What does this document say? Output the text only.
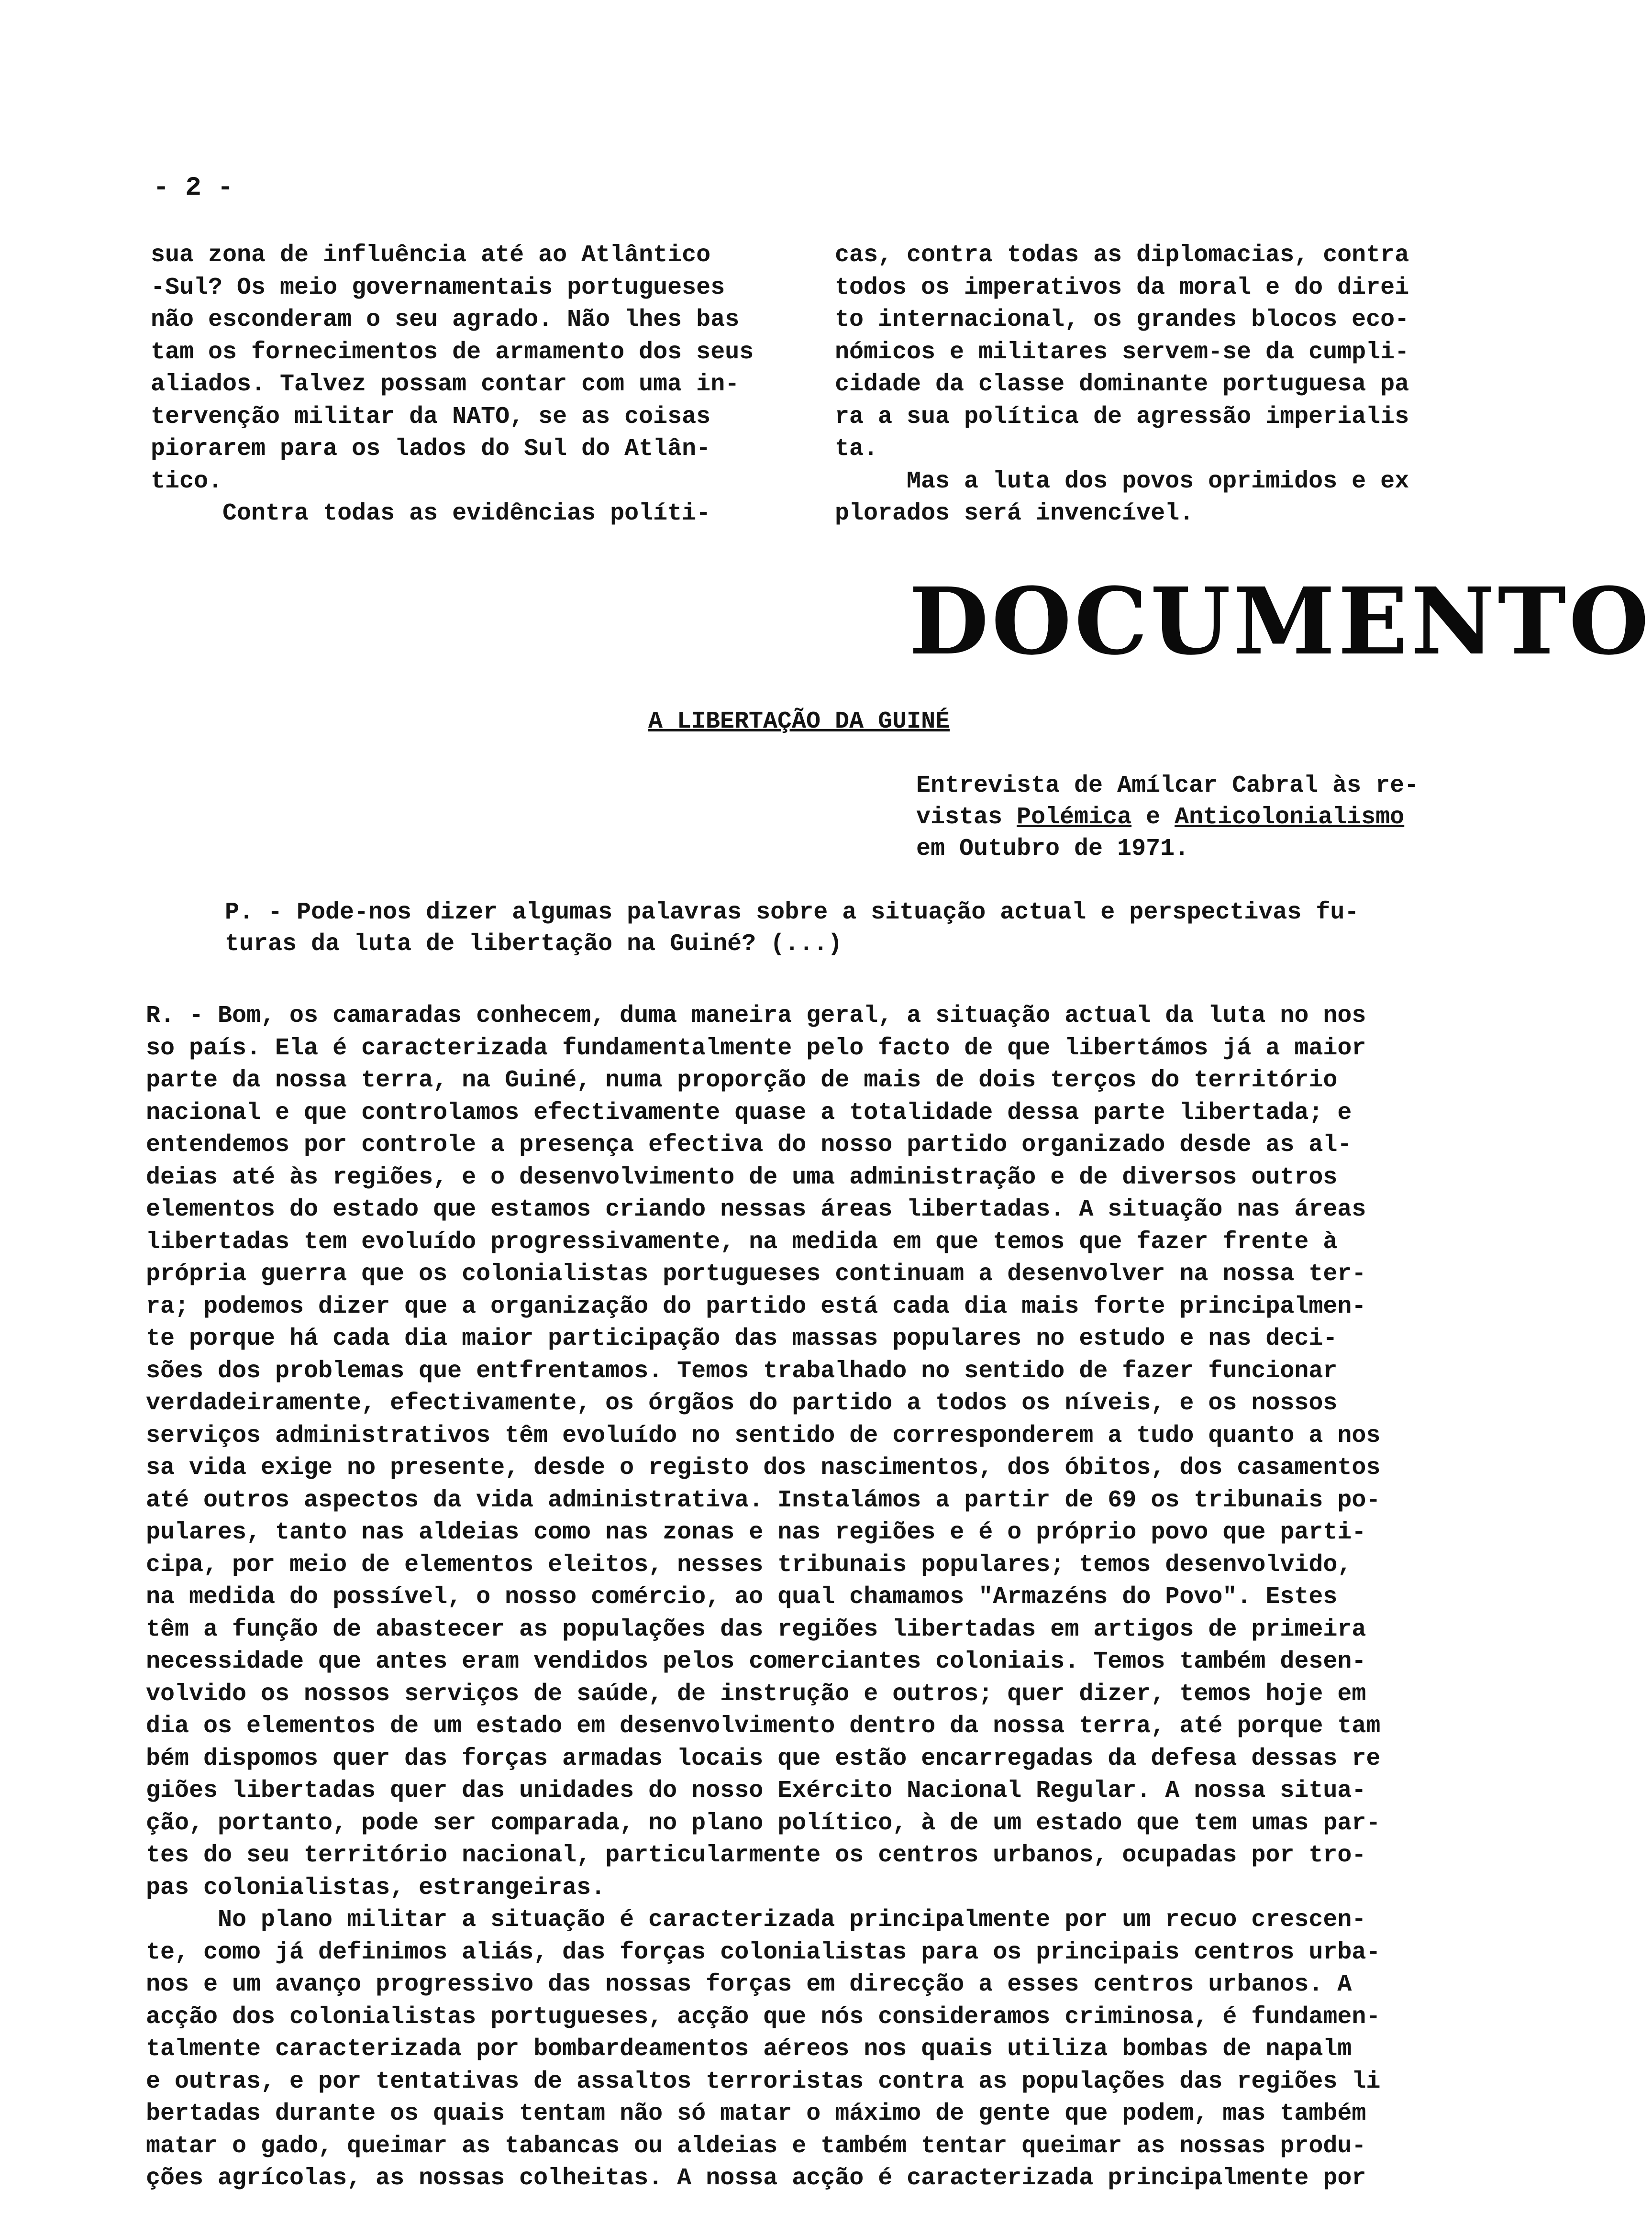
- 2 -

sua zona de influência até ao Atlântico

-Sul? Os meio governamentais portugueses

não esconderam o seu agrado. Não lhes bas

tam os fornecimentos de armamento dos seus

aliados. Talvez possam contar com uma in-

tervenção militar da NATO, se as coisas

piorarem para os lados do Sul do Atlân-

tico.

Contra todas as evidências políti-

cas, contra todas as diplomacias, contra

todos os imperativos da moral e do direi

to internacional, os grandes blocos eco-

nómicos e militares servem-se da cumpli-

cidade da classe dominante portuguesa pa

ra a sua política de agressão imperialis

ta.

Mas a luta dos povos oprimidos e ex

plorados será invencível.

DOCUMENTO
A LIBERTAÇÃO DA GUINÉ

Entrevista de Amílcar Cabral às re-

vistas Polémica e Anticolonialismo

em Outubro de 1971.

P. - Pode-nos dizer algumas palavras sobre a situação actual e perspectivas fu-

turas da luta de libertação na Guiné? (...)

R. - Bom, os camaradas conhecem, duma maneira geral, a situação actual da luta no nos

so país. Ela é caracterizada fundamentalmente pelo facto de que libertámos já a maior

parte da nossa terra, na Guiné, numa proporção de mais de dois terços do território

nacional e que controlamos efectivamente quase a totalidade dessa parte libertada; e

entendemos por controle a presença efectiva do nosso partido organizado desde as al-

deias até às regiões, e o desenvolvimento de uma administração e de diversos outros

elementos do estado que estamos criando nessas áreas libertadas. A situação nas áreas

libertadas tem evoluído progressivamente, na medida em que temos que fazer frente à

própria guerra que os colonialistas portugueses continuam a desenvolver na nossa ter-

ra; podemos dizer que a organização do partido está cada dia mais forte principalmen-

te porque há cada dia maior participação das massas populares no estudo e nas deci-

sões dos problemas que entfrentamos. Temos trabalhado no sentido de fazer funcionar

verdadeiramente, efectivamente, os órgãos do partido a todos os níveis, e os nossos

serviços administrativos têm evoluído no sentido de corresponderem a tudo quanto a nos

sa vida exige no presente, desde o registo dos nascimentos, dos óbitos, dos casamentos

até outros aspectos da vida administrativa. Instalámos a partir de 69 os tribunais po-

pulares, tanto nas aldeias como nas zonas e nas regiões e é o próprio povo que parti-

cipa, por meio de elementos eleitos, nesses tribunais populares; temos desenvolvido,

na medida do possível, o nosso comércio, ao qual chamamos "Armazéns do Povo". Estes

têm a função de abastecer as populações das regiões libertadas em artigos de primeira

necessidade que antes eram vendidos pelos comerciantes coloniais. Temos também desen-

volvido os nossos serviços de saúde, de instrução e outros; quer dizer, temos hoje em

dia os elementos de um estado em desenvolvimento dentro da nossa terra, até porque tam

bém dispomos quer das forças armadas locais que estão encarregadas da defesa dessas re

giões libertadas quer das unidades do nosso Exército Nacional Regular. A nossa situa-

ção, portanto, pode ser comparada, no plano político, à de um estado que tem umas par-

tes do seu território nacional, particularmente os centros urbanos, ocupadas por tro-

pas colonialistas, estrangeiras.

No plano militar a situação é caracterizada principalmente por um recuo crescen-

te, como já definimos aliás, das forças colonialistas para os principais centros urba-

nos e um avanço progressivo das nossas forças em direcção a esses centros urbanos. A

acção dos colonialistas portugueses, acção que nós consideramos criminosa, é fundamen-

talmente caracterizada por bombardeamentos aéreos nos quais utiliza bombas de napalm

e outras, e por tentativas de assaltos terroristas contra as populações das regiões li

bertadas durante os quais tentam não só matar o máximo de gente que podem, mas também

matar o gado, queimar as tabancas ou aldeias e também tentar queimar as nossas produ-

ções agrícolas, as nossas colheitas. A nossa acção é caracterizada principalmente por
